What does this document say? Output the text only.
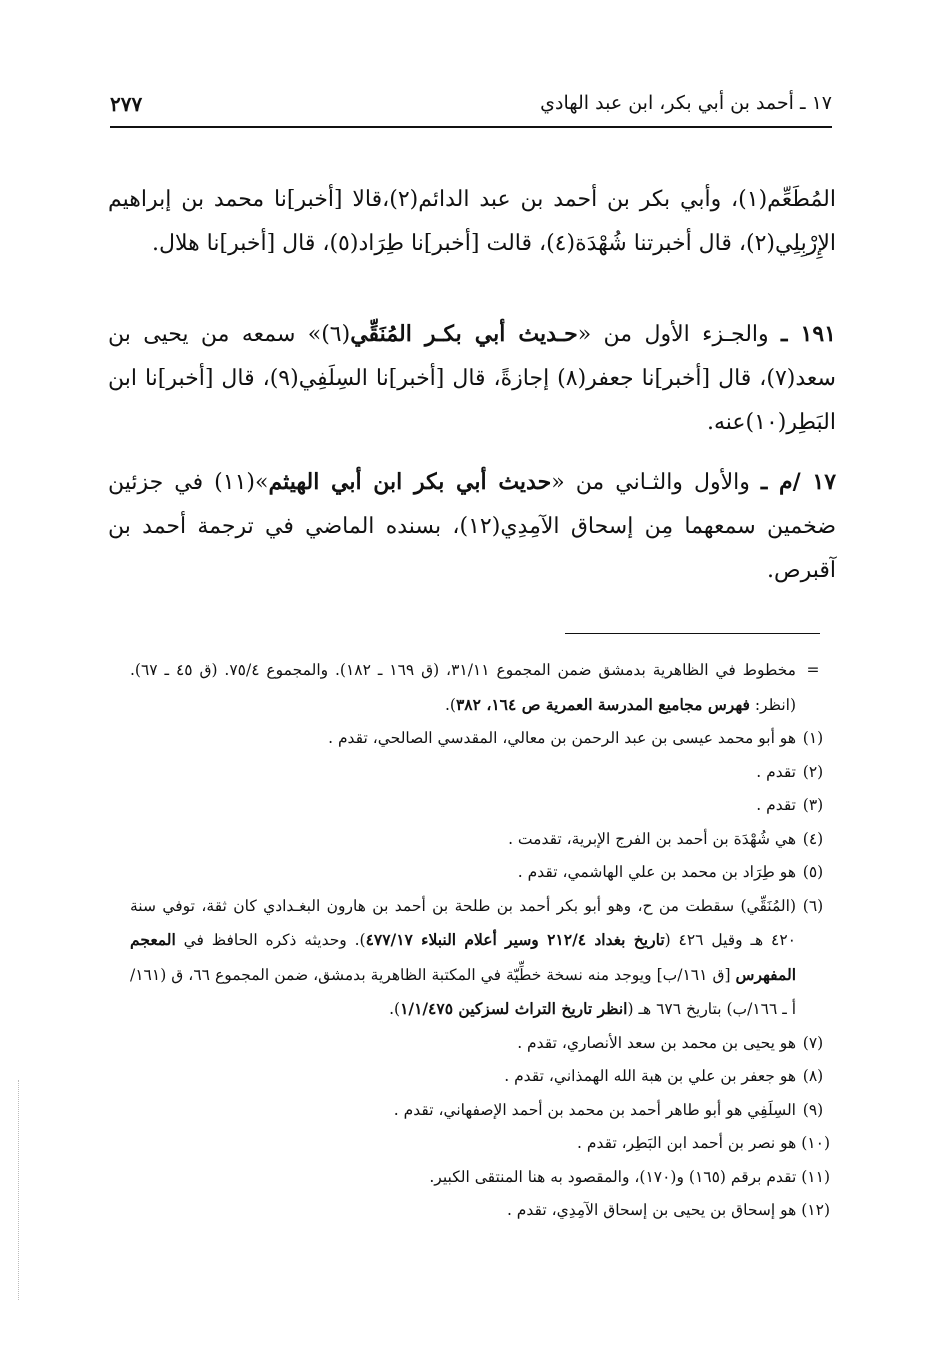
١٧ ـ أحمد بن أبي بكر، ابن عبد الهادي
٢٧٧

المُطَعِّم(١)، وأبي بكر بن أحمد بن عبد الدائم(٢)،قالا [أخبر]نا محمد بن إبراهيم الإِرْبِلِي(٢)، قال أخبرتنا شُهْدَة(٤)، قالت [أخبر]نا طِرَاد(٥)، قال [أخبر]نا هلال.

١٩١ ـ والجـزء الأول من «حـديث أبي بكـر المُنَقِّي(٦)» سمعه من يحيى بن سعد(٧)، قال [أخبر]نا جعفر(٨) إجازةً، قال [أخبر]نا السِلَفِي(٩)، قال [أخبر]نا ابن البَطِر(١٠)عنه.

١٧ /م ـ والأول والثـاني من «حديث أبي بكر ابن أبي الهيثم»(١١) في جزئين ضخمين سمعهما مِن إسحاق الآمِدِي(١٢)، بسنده الماضي في ترجمة أحمد بن آقبرص.

=
مخطوط في الظاهرية بدمشق ضمن المجموع ٣١/١١، (ق ١٦٩ ـ ١٨٢). والمجموع ٧٥/٤. (ق ٤٥ ـ ٦٧). (انظر: فهرس مجاميع المدرسة العمرية ص ١٦٤، ٣٨٢).
(١)
هو أبو محمد عيسى بن عبد الرحمن بن معالي، المقدسي الصالحي، تقدم .
(٢)
تقدم .
(٣)
تقدم .
(٤)
هي شُهْدَة بن أحمد بن الفرج الإبرية، تقدمت .
(٥)
هو طِرَاد بن محمد بن علي الهاشمي، تقدم .
(٦)
(المُنَقِّي) سقطت من ح، وهو أبو بكر أحمد بن طلحة بن أحمد بن هارون البغـدادي كان ثقة، توفي سنة ٤٢٠ هـ وقيل ٤٢٦ (تاريخ بغداد ٢١٢/٤ وسير أعلام النبلاء ٤٧٧/١٧). وحديثه ذكره الحافظ في المعجم المفهرس [ق ١٦١/ب] ويوجد منه نسخة خطِّيّة في المكتبة الظاهرية بدمشق، ضمن المجموع ٦٦، ق (١٦١/أ ـ ١٦٦/ب) بتاريخ ٦٧٦ هـ (انظر تاريخ التراث لسزكين ١/١/٤٧٥).
(٧)
هو يحيى بن محمد بن سعد الأنصاري، تقدم .
(٨)
هو جعفر بن علي بن هبة الله الهمذاني، تقدم .
(٩)
السِلَفِي هو أبو طاهر أحمد بن محمد بن أحمد الإصفهاني، تقدم .
(١٠) هو نصر بن أحمد ابن البَطِر، تقدم .
(١١) تقدم برقم (١٦٥) و(١٧٠)، والمقصود به هنا المنتقى الكبير.
(١٢) هو إسحاق بن يحيى بن إسحاق الآمِدِي، تقدم .
